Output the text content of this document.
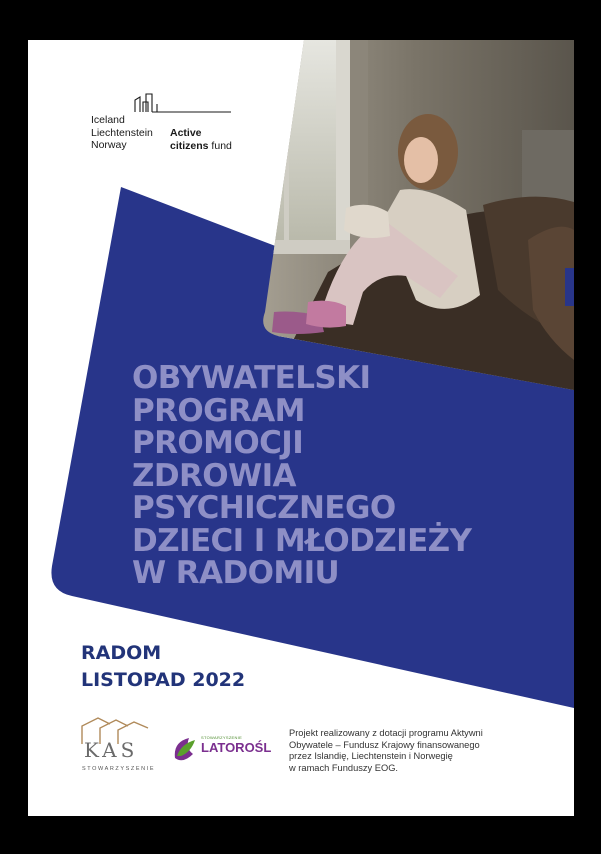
Iceland
Liechtenstein
Norway
Active
citizens fund
OBYWATELSKI
PROGRAM
PROMOCJI
ZDROWIA
PSYCHICZNEGO
DZIECI I MŁODZIEŻY
W RADOMIU
RADOM
LISTOPAD 2022
KAS
STOWARZYSZENIE
STOWARZYSZENIE
LATOROŚL
Projekt realizowany z dotacji programu Aktywni
Obywatele – Fundusz Krajowy finansowanego
przez Islandię, Liechtenstein i Norwegię
w ramach Funduszy EOG.
